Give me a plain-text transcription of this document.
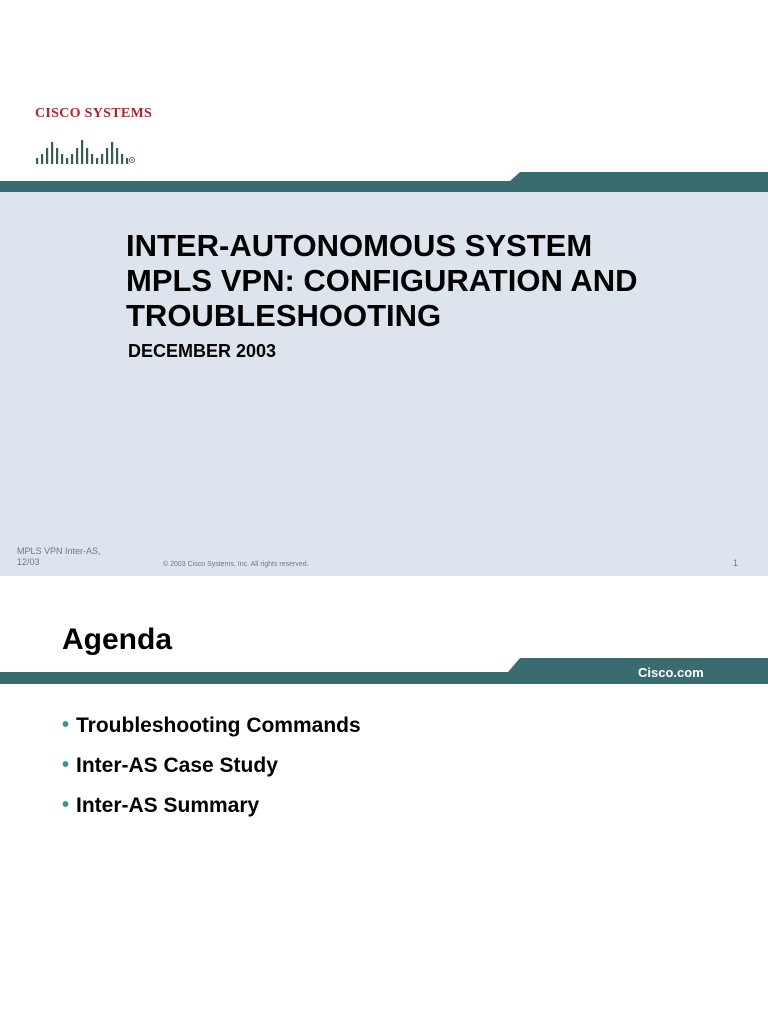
CISCO SYSTEMS
R
INTER-AUTONOMOUS SYSTEM
MPLS VPN: CONFIGURATION AND
TROUBLESHOOTING
DECEMBER 2003
MPLS VPN Inter-AS,
12/03	© 2003 Cisco Systems, Inc. All rights reserved.	1
Agenda
Cisco.com
• Troubleshooting Commands
• Inter-AS Case Study
• Inter-AS Summary
